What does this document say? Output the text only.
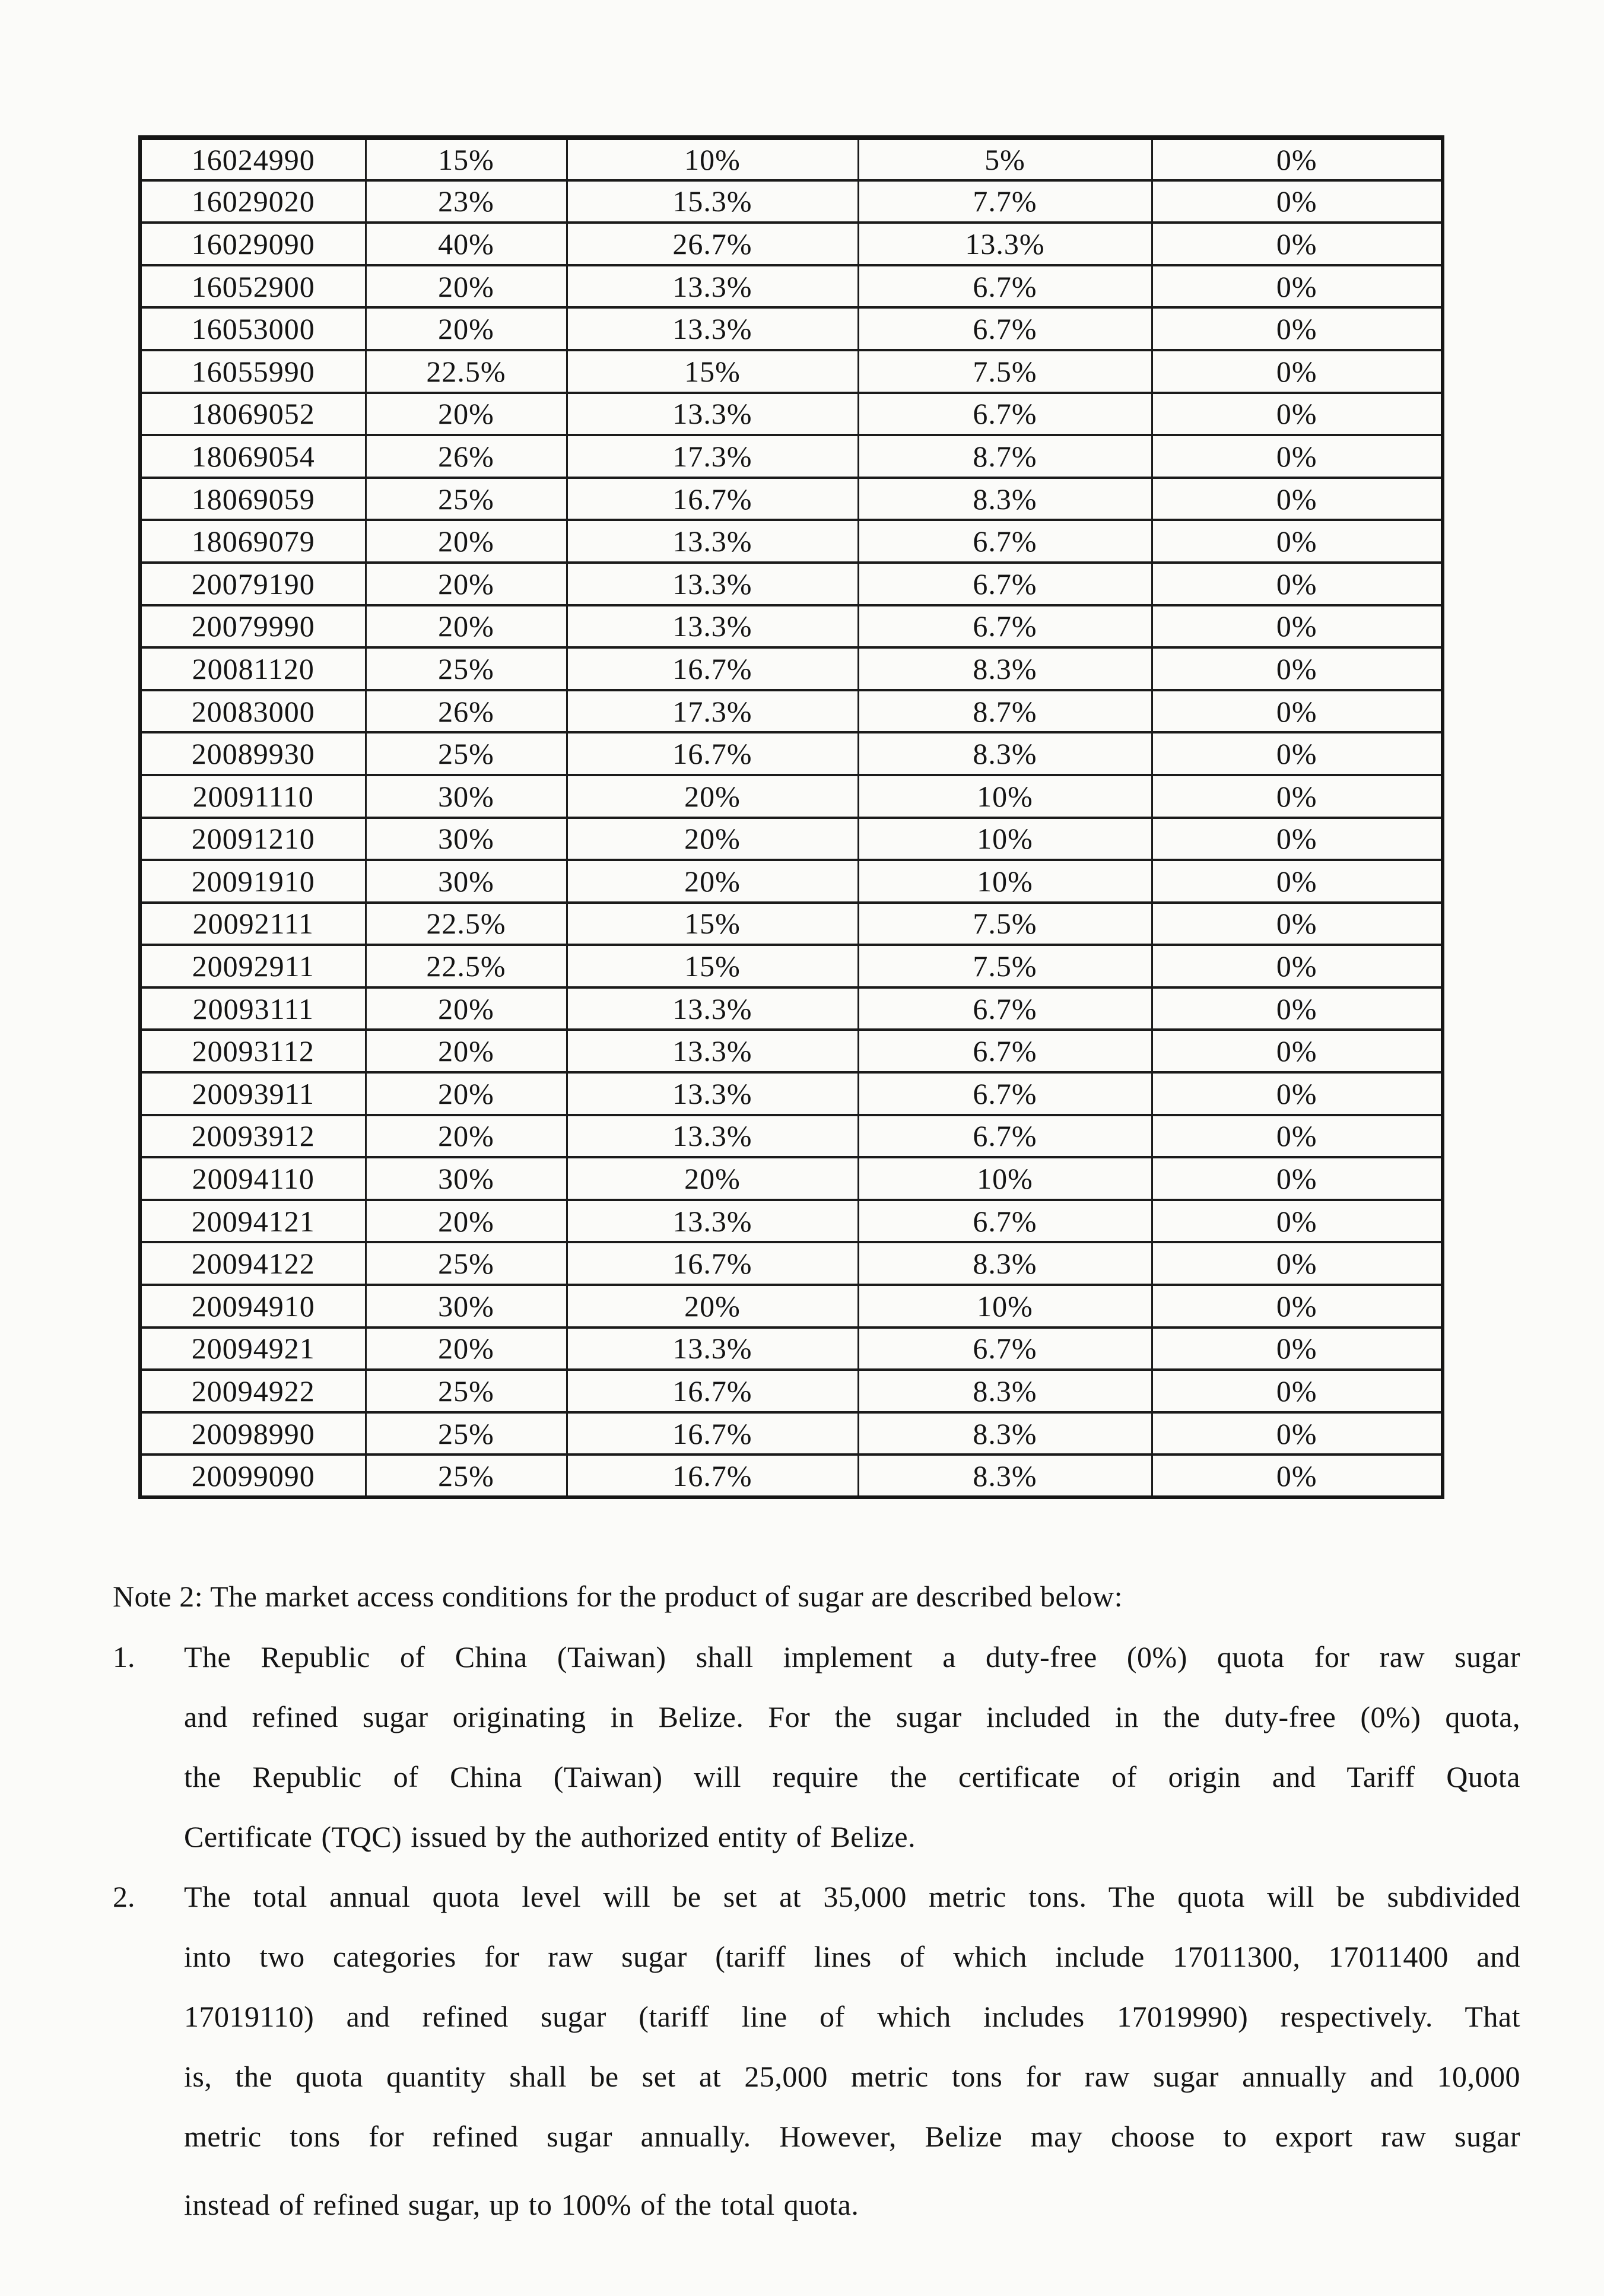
16024990	15%	10%	5%	0%
16029020	23%	15.3%	7.7%	0%
16029090	40%	26.7%	13.3%	0%
16052900	20%	13.3%	6.7%	0%
16053000	20%	13.3%	6.7%	0%
16055990	22.5%	15%	7.5%	0%
18069052	20%	13.3%	6.7%	0%
18069054	26%	17.3%	8.7%	0%
18069059	25%	16.7%	8.3%	0%
18069079	20%	13.3%	6.7%	0%
20079190	20%	13.3%	6.7%	0%
20079990	20%	13.3%	6.7%	0%
20081120	25%	16.7%	8.3%	0%
20083000	26%	17.3%	8.7%	0%
20089930	25%	16.7%	8.3%	0%
20091110	30%	20%	10%	0%
20091210	30%	20%	10%	0%
20091910	30%	20%	10%	0%
20092111	22.5%	15%	7.5%	0%
20092911	22.5%	15%	7.5%	0%
20093111	20%	13.3%	6.7%	0%
20093112	20%	13.3%	6.7%	0%
20093911	20%	13.3%	6.7%	0%
20093912	20%	13.3%	6.7%	0%
20094110	30%	20%	10%	0%
20094121	20%	13.3%	6.7%	0%
20094122	25%	16.7%	8.3%	0%
20094910	30%	20%	10%	0%
20094921	20%	13.3%	6.7%	0%
20094922	25%	16.7%	8.3%	0%
20098990	25%	16.7%	8.3%	0%
20099090	25%	16.7%	8.3%	0%
Note 2: The market access conditions for the product of sugar are described below:
1.	The Republic of China (Taiwan) shall implement a duty-free (0%) quota for raw sugar
and refined sugar originating in Belize. For the sugar included in the duty-free (0%) quota,
the Republic of China (Taiwan) will require the certificate of origin and Tariff Quota
Certificate (TQC) issued by the authorized entity of Belize.
2.	The total annual quota level will be set at 35,000 metric tons. The quota will be subdivided
into two categories for raw sugar (tariff lines of which include 17011300, 17011400 and
17019110) and refined sugar (tariff line of which includes 17019990) respectively. That
is, the quota quantity shall be set at 25,000 metric tons for raw sugar annually and 10,000
metric tons for refined sugar annually. However, Belize may choose to export raw sugar
instead of refined sugar, up to 100% of the total quota.
